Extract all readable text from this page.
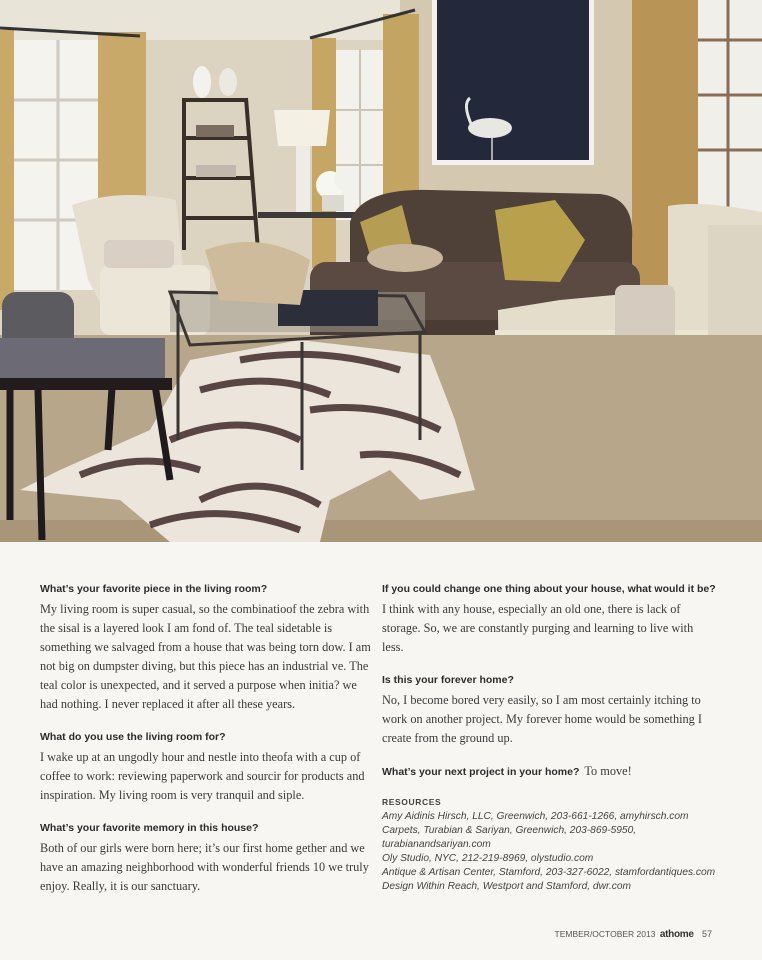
What’s your favorite piece in the living room?
My living room is super casual, so the combinatioof the zebra with the sisal is a layered look I am fond of. The teal sidetable is something we salvaged from a house that was being torn dow. I am not big on dumpster diving, but this piece has an industrial ve. The teal color is unexpected, and it served a purpose when initia? we had nothing. I never replaced it after all these years.
What do you use the living room for?
I wake up at an ungodly hour and nestle into theofa with a cup of coffee to work: reviewing paperwork and sourcir for products and inspiration. My living room is very tranquil and siple.
What’s your favorite memory in this house?
Both of our girls were born here; it’s our first home gether and we have an amazing neighborhood with wonderful friends 10 we truly enjoy. Really, it is our sanctuary.
If you could change one thing about your house, what would it be?
I think with any house, especially an old one, there is lack of storage. So, we are constantly purging and learning to live with less.
Is this your forever home?
No, I become bored very easily, so I am most certainly itching to work on another project. My forever home would be something I create from the ground up.
What’s your next project in your home? To move!
RESOURCES
Amy Aidinis Hirsch, LLC, Greenwich, 203-661-1266, amyhirsch.com
Carpets, Turabian & Sariyan, Greenwich, 203-869-5950,
turabianandsariyan.com
Oly Studio, NYC, 212-219-8969, olystudio.com
Antique & Artisan Center, Stamford, 203-327-6022, stamfordantiques.com
Design Within Reach, Westport and Stamford, dwr.com
TEMBER/OCTOBER 2013 athome 57
